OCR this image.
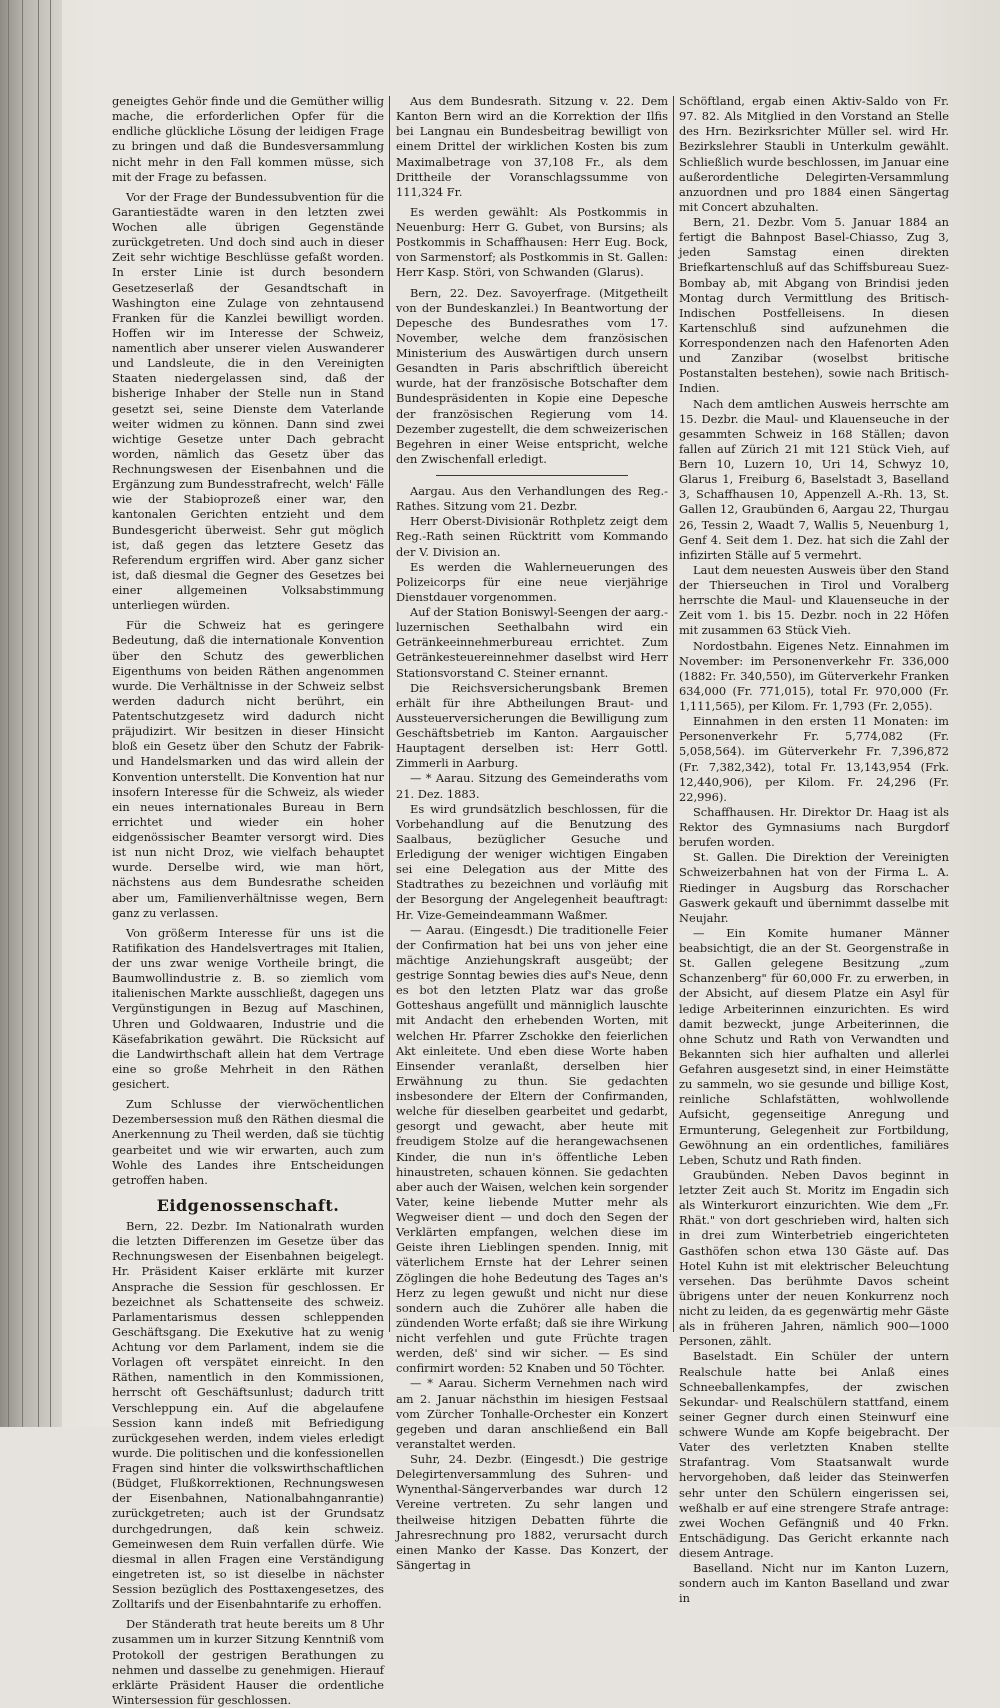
geneigtes Gehör finde und die Gemüther willig mache, die erforderlichen Opfer für die endliche glückliche Lösung der leidigen Frage zu bringen und daß die Bundesversammlung nicht mehr in den Fall kommen müsse, sich mit der Frage zu befassen.

Vor der Frage der Bundessubvention für die Garantiestädte waren in den letzten zwei Wochen alle übrigen Gegenstände zurückgetreten. Und doch sind auch in dieser Zeit sehr wichtige Beschlüsse gefaßt worden. In erster Linie ist durch besondern Gesetzeserlaß der Gesandtschaft in Washington eine Zulage von zehntausend Franken für die Kanzlei bewilligt worden. Hoffen wir im Interesse der Schweiz, namentlich aber unserer vielen Auswanderer und Landsleute, die in den Vereinigten Staaten niedergelassen sind, daß der bisherige Inhaber der Stelle nun in Stand gesetzt sei, seine Dienste dem Vaterlande weiter widmen zu können. Dann sind zwei wichtige Gesetze unter Dach gebracht worden, nämlich das Gesetz über das Rechnungswesen der Eisenbahnen und die Ergänzung zum Bundesstrafrecht, welch' Fälle wie der Stabioprozeß einer war, den kantonalen Gerichten entzieht und dem Bundesgericht überweist. Sehr gut möglich ist, daß gegen das letztere Gesetz das Referendum ergriffen wird. Aber ganz sicher ist, daß diesmal die Gegner des Gesetzes bei einer allgemeinen Volksabstimmung unterliegen würden.

Für die Schweiz hat es geringere Bedeutung, daß die internationale Konvention über den Schutz des gewerblichen Eigenthums von beiden Räthen angenommen wurde. Die Verhältnisse in der Schweiz selbst werden dadurch nicht berührt, ein Patentschutzgesetz wird dadurch nicht präjudizirt. Wir besitzen in dieser Hinsicht bloß ein Gesetz über den Schutz der Fabrik- und Handelsmarken und das wird allein der Konvention unterstellt. Die Konvention hat nur insofern Interesse für die Schweiz, als wieder ein neues internationales Bureau in Bern errichtet und wieder ein hoher eidgenössischer Beamter versorgt wird. Dies ist nun nicht Droz, wie vielfach behauptet wurde. Derselbe wird, wie man hört, nächstens aus dem Bundesrathe scheiden aber um, Familienverhältnisse wegen, Bern ganz zu verlassen.

Von größerm Interesse für uns ist die Ratifikation des Handelsvertrages mit Italien, der uns zwar wenige Vortheile bringt, die Baumwollindustrie z. B. so ziemlich vom italienischen Markte ausschließt, dagegen uns Vergünstigungen in Bezug auf Maschinen, Uhren und Goldwaaren, Industrie und die Käsefabrikation gewährt. Die Rücksicht auf die Landwirthschaft allein hat dem Vertrage eine so große Mehrheit in den Räthen gesichert.

Zum Schlusse der vierwöchentlichen Dezembersession muß den Räthen diesmal die Anerkennung zu Theil werden, daß sie tüchtig gearbeitet und wie wir erwarten, auch zum Wohle des Landes ihre Entscheidungen getroffen haben.

Eidgenossenschaft.

Bern, 22. Dezbr. Im Nationalrath wurden die letzten Differenzen im Gesetze über das Rechnungswesen der Eisenbahnen beigelegt. Hr. Präsident Kaiser erklärte mit kurzer Ansprache die Session für geschlossen. Er bezeichnet als Schattenseite des schweiz. Parlamentarismus dessen schleppenden Geschäftsgang. Die Exekutive hat zu wenig Achtung vor dem Parlament, indem sie die Vorlagen oft verspätet einreicht. In den Räthen, namentlich in den Kommissionen, herrscht oft Geschäftsunlust; dadurch tritt Verschleppung ein. Auf die abgelaufene Session kann indeß mit Befriedigung zurückgesehen werden, indem vieles erledigt wurde. Die politischen und die konfessionellen Fragen sind hinter die volkswirthschaftlichen (Büdget, Flußkorrektionen, Rechnungswesen der Eisenbahnen, Nationalbahnganrantie) zurückgetreten; auch ist der Grundsatz durchgedrungen, daß kein schweiz. Gemeinwesen dem Ruin verfallen dürfe. Wie diesmal in allen Fragen eine Verständigung eingetreten ist, so ist dieselbe in nächster Session bezüglich des Posttaxengesetzes, des Zolltarifs und der Eisenbahntarife zu erhoffen.

Der Ständerath trat heute bereits um 8 Uhr zusammen um in kurzer Sitzung Kenntniß vom Protokoll der gestrigen Berathungen zu nehmen und dasselbe zu genehmigen. Hierauf erklärte Präsident Hauser die ordentliche Wintersession für geschlossen.

Aus dem Bundesrath. Sitzung v. 22. Dem Kanton Bern wird an die Korrektion der Ilfis bei Langnau ein Bundesbeitrag bewilligt von einem Drittel der wirklichen Kosten bis zum Maximalbetrage von 37,108 Fr., als dem Drittheile der Voranschlagssumme von 111,324 Fr.

Es werden gewählt: Als Postkommis in Neuenburg: Herr G. Gubet, von Bursins; als Postkommis in Schaffhausen: Herr Eug. Bock, von Sarmenstorf; als Postkommis in St. Gallen: Herr Kasp. Störi, von Schwanden (Glarus).

Bern, 22. Dez. Savoyerfrage. (Mitgetheilt von der Bundeskanzlei.) In Beantwortung der Depesche des Bundesrathes vom 17. November, welche dem französischen Ministerium des Auswärtigen durch unsern Gesandten in Paris abschriftlich übereicht wurde, hat der französische Botschafter dem Bundespräsidenten in Kopie eine Depesche der französischen Regierung vom 14. Dezember zugestellt, die dem schweizerischen Begehren in einer Weise entspricht, welche den Zwischenfall erledigt.

Aargau. Aus den Verhandlungen des Reg.-Rathes. Sitzung vom 21. Dezbr.

Herr Oberst-Divisionär Rothpletz zeigt dem Reg.-Rath seinen Rücktritt vom Kommando der V. Division an.

Es werden die Wahlerneuerungen des Polizeicorps für eine neue vierjährige Dienstdauer vorgenommen.

Auf der Station Boniswyl-Seengen der aarg.-luzernischen Seethalbahn wird ein Getränkeeinnehmerbureau errichtet. Zum Getränkesteuereinnehmer daselbst wird Herr Stationsvorstand C. Steiner ernannt.

Die Reichsversicherungsbank Bremen erhält für ihre Abtheilungen Braut- und Aussteuerversicherungen die Bewilligung zum Geschäftsbetrieb im Kanton. Aargauischer Hauptagent derselben ist: Herr Gottl. Zimmerli in Aarburg.

— * Aarau. Sitzung des Gemeinderaths vom 21. Dez. 1883.

Es wird grundsätzlich beschlossen, für die Vorbehandlung auf die Benutzung des Saalbaus, bezüglicher Gesuche und Erledigung der weniger wichtigen Eingaben sei eine Delegation aus der Mitte des Stadtrathes zu bezeichnen und vorläufig mit der Besorgung der Angelegenheit beauftragt: Hr. Vize-Gemeindeammann Waßmer.

— Aarau. (Eingesdt.) Die traditionelle Feier der Confirmation hat bei uns von jeher eine mächtige Anziehungskraft ausgeübt; der gestrige Sonntag bewies dies auf's Neue, denn es bot den letzten Platz war das große Gotteshaus angefüllt und männiglich lauschte mit Andacht den erhebenden Worten, mit welchen Hr. Pfarrer Zschokke den feierlichen Akt einleitete. Und eben diese Worte haben Einsender veranlaßt, derselben hier Erwähnung zu thun. Sie gedachten insbesondere der Eltern der Confirmanden, welche für dieselben gearbeitet und gedarbt, gesorgt und gewacht, aber heute mit freudigem Stolze auf die herangewachsenen Kinder, die nun in's öffentliche Leben hinaustreten, schauen können. Sie gedachten aber auch der Waisen, welchen kein sorgender Vater, keine liebende Mutter mehr als Wegweiser dient — und doch den Segen der Verklärten empfangen, welchen diese im Geiste ihren Lieblingen spenden. Innig, mit väterlichem Ernste hat der Lehrer seinen Zöglingen die hohe Bedeutung des Tages an's Herz zu legen gewußt und nicht nur diese sondern auch die Zuhörer alle haben die zündenden Worte erfaßt; daß sie ihre Wirkung nicht verfehlen und gute Früchte tragen werden, deß' sind wir sicher. — Es sind confirmirt worden: 52 Knaben und 50 Töchter.

— * Aarau. Sicherm Vernehmen nach wird am 2. Januar nächsthin im hiesigen Festsaal vom Zürcher Tonhalle-Orchester ein Konzert gegeben und daran anschließend ein Ball veranstaltet werden.

Suhr, 24. Dezbr. (Eingesdt.) Die gestrige Delegirtenversammlung des Suhren- und Wynenthal-Sängerverbandes war durch 12 Vereine vertreten. Zu sehr langen und theilweise hitzigen Debatten führte die Jahresrechnung pro 1882, verursacht durch einen Manko der Kasse. Das Konzert, der Sängertag in

Schöftland, ergab einen Aktiv-Saldo von Fr. 97. 82. Als Mitglied in den Vorstand an Stelle des Hrn. Bezirksrichter Müller sel. wird Hr. Bezirkslehrer Staubli in Unterkulm gewählt. Schließlich wurde beschlossen, im Januar eine außerordentliche Delegirten-Versammlung anzuordnen und pro 1884 einen Sängertag mit Concert abzuhalten.

Bern, 21. Dezbr. Vom 5. Januar 1884 an fertigt die Bahnpost Basel-Chiasso, Zug 3, jeden Samstag einen direkten Briefkartenschluß auf das Schiffsbureau Suez-Bombay ab, mit Abgang von Brindisi jeden Montag durch Vermittlung des Britisch-Indischen Postfelleisens. In diesen Kartenschluß sind aufzunehmen die Korrespondenzen nach den Hafenorten Aden und Zanzibar (woselbst britische Postanstalten bestehen), sowie nach Britisch-Indien.

Nach dem amtlichen Ausweis herrschte am 15. Dezbr. die Maul- und Klauenseuche in der gesammten Schweiz in 168 Ställen; davon fallen auf Zürich 21 mit 121 Stück Vieh, auf Bern 10, Luzern 10, Uri 14, Schwyz 10, Glarus 1, Freiburg 6, Baselstadt 3, Baselland 3, Schaffhausen 10, Appenzell A.-Rh. 13, St. Gallen 12, Graubünden 6, Aargau 22, Thurgau 26, Tessin 2, Waadt 7, Wallis 5, Neuenburg 1, Genf 4. Seit dem 1. Dez. hat sich die Zahl der infizirten Ställe auf 5 vermehrt.

Laut dem neuesten Ausweis über den Stand der Thierseuchen in Tirol und Voralberg herrschte die Maul- und Klauenseuche in der Zeit vom 1. bis 15. Dezbr. noch in 22 Höfen mit zusammen 63 Stück Vieh.

Nordostbahn. Eigenes Netz. Einnahmen im November: im Personenverkehr Fr. 336,000 (1882: Fr. 340,550), im Güterverkehr Franken 634,000 (Fr. 771,015), total Fr. 970,000 (Fr. 1,111,565), per Kilom. Fr. 1,793 (Fr. 2,055).

Einnahmen in den ersten 11 Monaten: im Personenverkehr Fr. 5,774,082 (Fr. 5,058,564). im Güterverkehr Fr. 7,396,872 (Fr. 7,382,342), total Fr. 13,143,954 (Frk. 12,440,906), per Kilom. Fr. 24,296 (Fr. 22,996).

Schaffhausen. Hr. Direktor Dr. Haag ist als Rektor des Gymnasiums nach Burgdorf berufen worden.

St. Gallen. Die Direktion der Vereinigten Schweizerbahnen hat von der Firma L. A. Riedinger in Augsburg das Rorschacher Gaswerk gekauft und übernimmt dasselbe mit Neujahr.

— Ein Komite humaner Männer beabsichtigt, die an der St. Georgenstraße in St. Gallen gelegene Besitzung „zum Schanzenberg" für 60,000 Fr. zu erwerben, in der Absicht, auf diesem Platze ein Asyl für ledige Arbeiterinnen einzurichten. Es wird damit bezweckt, junge Arbeiterinnen, die ohne Schutz und Rath von Verwandten und Bekannten sich hier aufhalten und allerlei Gefahren ausgesetzt sind, in einer Heimstätte zu sammeln, wo sie gesunde und billige Kost, reinliche Schlafstätten, wohlwollende Aufsicht, gegenseitige Anregung und Ermunterung, Gelegenheit zur Fortbildung, Gewöhnung an ein ordentliches, familiäres Leben, Schutz und Rath finden.

Graubünden. Neben Davos beginnt in letzter Zeit auch St. Moritz im Engadin sich als Winterkurort einzurichten. Wie dem „Fr. Rhät." von dort geschrieben wird, halten sich in drei zum Winterbetrieb eingerichteten Gasthöfen schon etwa 130 Gäste auf. Das Hotel Kuhn ist mit elektrischer Beleuchtung versehen. Das berühmte Davos scheint übrigens unter der neuen Konkurrenz noch nicht zu leiden, da es gegenwärtig mehr Gäste als in früheren Jahren, nämlich 900—1000 Personen, zählt.

Baselstadt. Ein Schüler der untern Realschule hatte bei Anlaß eines Schneeballenkampfes, der zwischen Sekundar- und Realschülern stattfand, einem seiner Gegner durch einen Steinwurf eine schwere Wunde am Kopfe beigebracht. Der Vater des verletzten Knaben stellte Strafantrag. Vom Staatsanwalt wurde hervorgehoben, daß leider das Steinwerfen sehr unter den Schülern eingerissen sei, weßhalb er auf eine strengere Strafe antrage: zwei Wochen Gefängniß und 40 Frkn. Entschädigung. Das Gericht erkannte nach diesem Antrage.

Baselland. Nicht nur im Kanton Luzern, sondern auch im Kanton Baselland und zwar in
